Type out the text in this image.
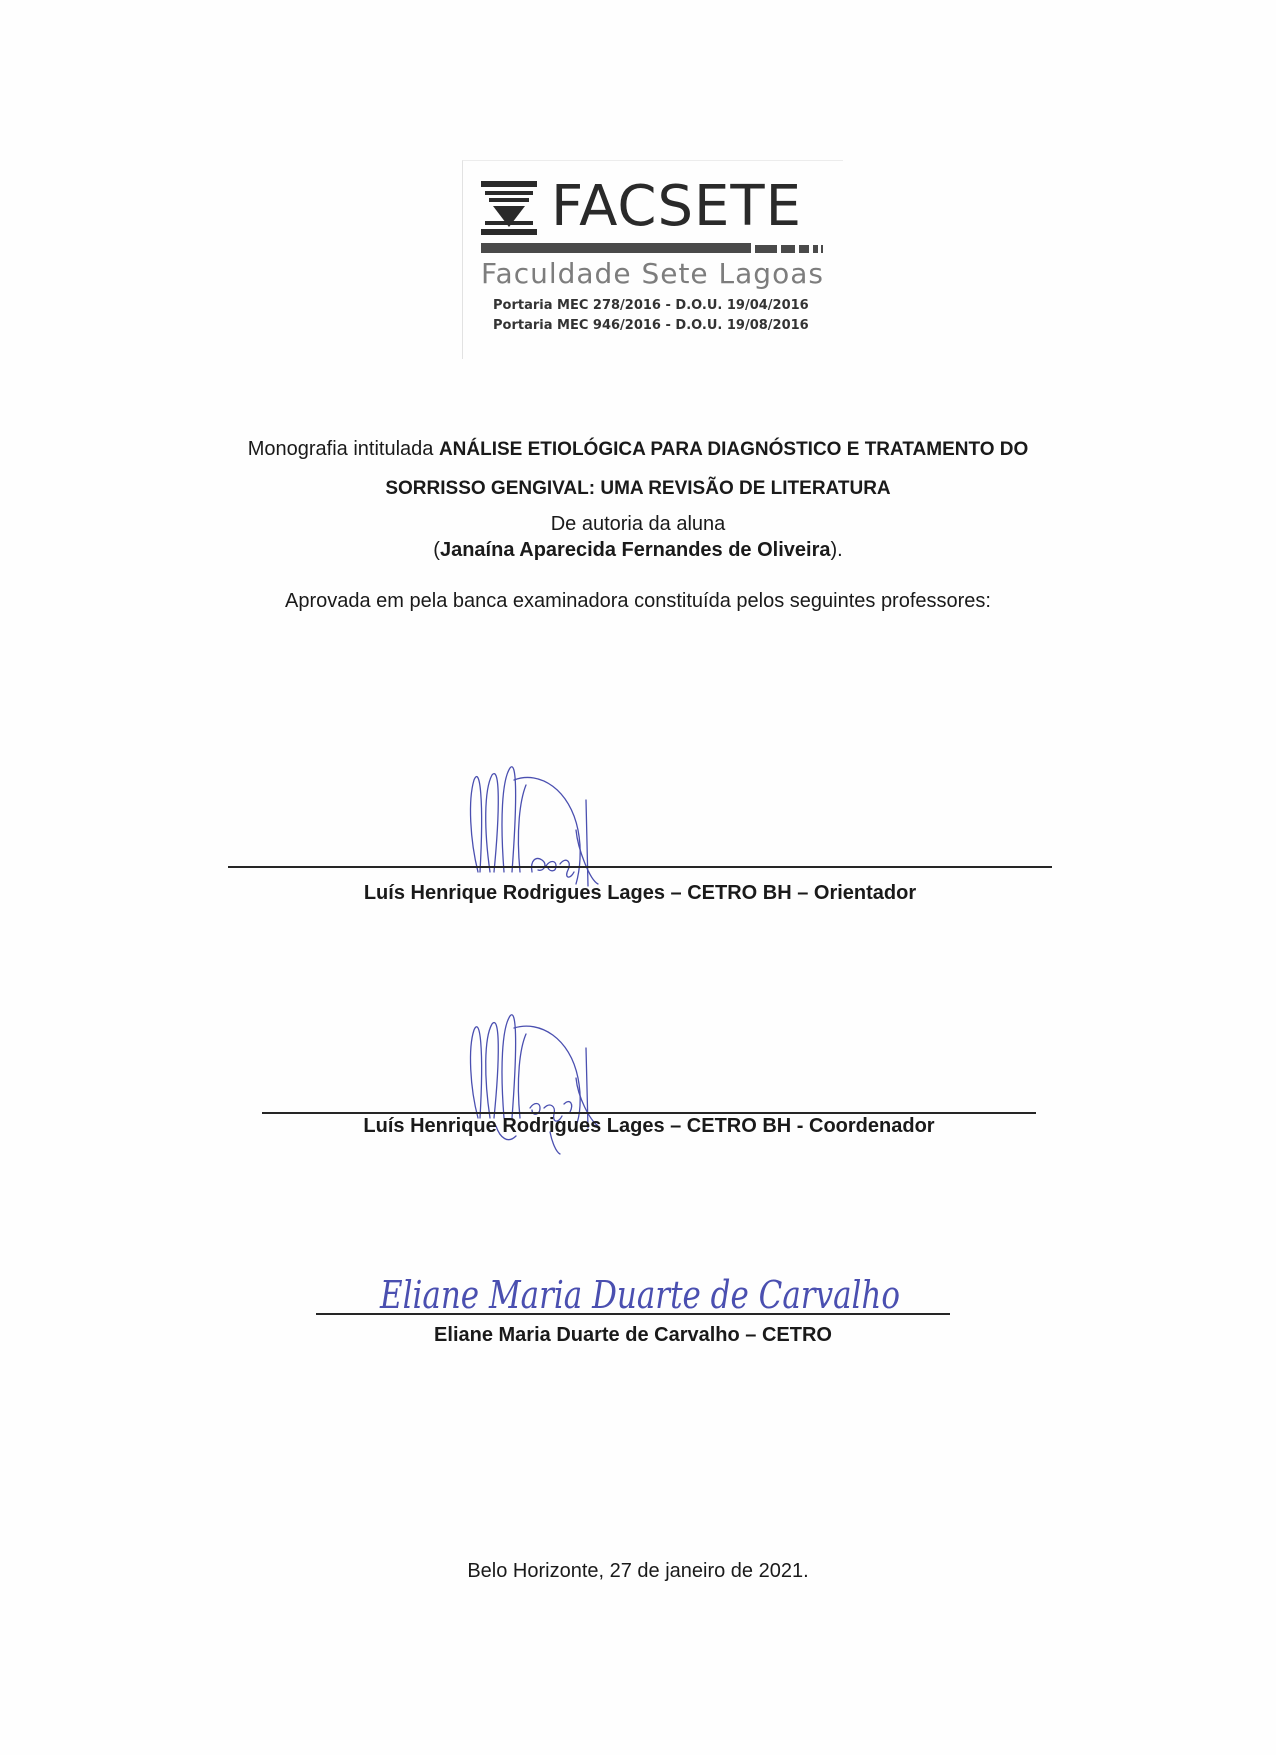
FACSETE
Faculdade Sete Lagoas
Portaria MEC 278/2016 - D.O.U. 19/04/2016
Portaria MEC 946/2016 - D.O.U. 19/08/2016
Monografia intitulada ANÁLISE ETIOLÓGICA PARA DIAGNÓSTICO E TRATAMENTO DO
SORRISSO GENGIVAL: UMA REVISÃO DE LITERATURA
De autoria da aluna
(Janaína Aparecida Fernandes de Oliveira).
Aprovada em pela banca examinadora constituída pelos seguintes professores:
Luís Henrique Rodrigues Lages – CETRO BH – Orientador
Luís Henrique Rodrigues Lages – CETRO BH - Coordenador
Eliane Maria Duarte de Carvalho
Eliane Maria Duarte de Carvalho – CETRO
Belo Horizonte, 27 de janeiro de 2021.
